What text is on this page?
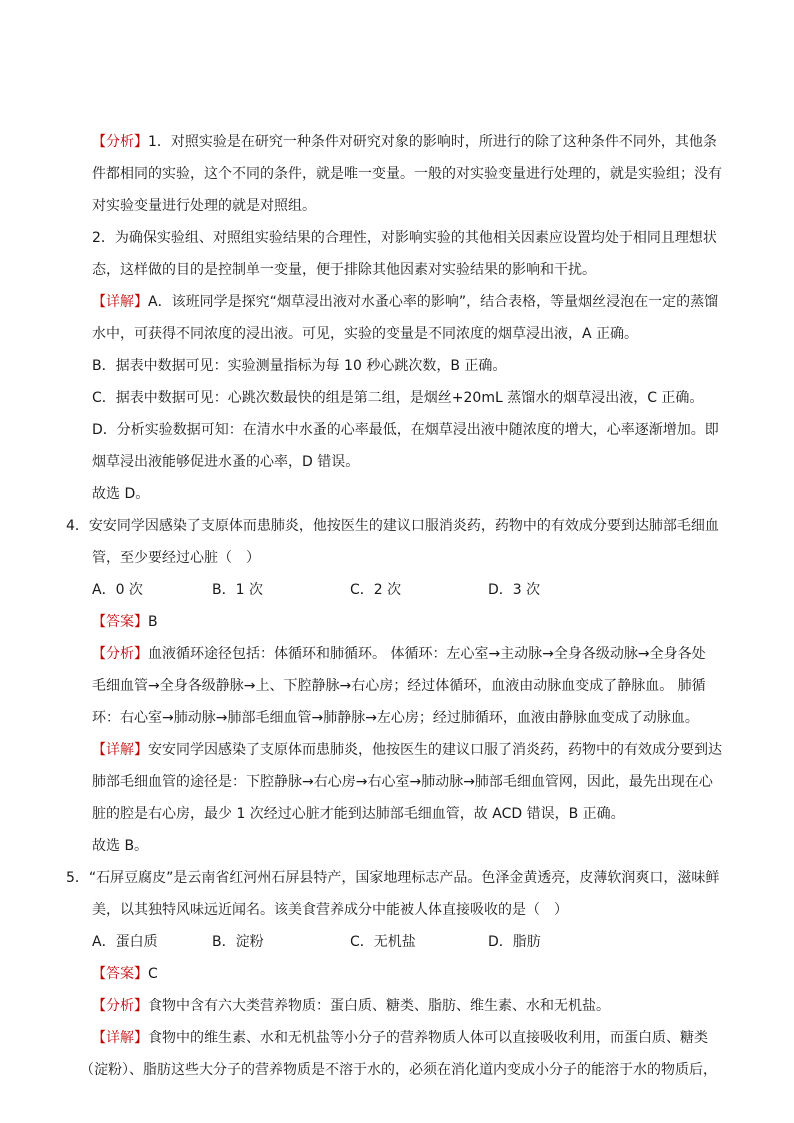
【分析】1．对照实验是在研究一种条件对研究对象的影响时，所进行的除了这种条件不同外，其他条
件都相同的实验，这个不同的条件，就是唯一变量。一般的对实验变量进行处理的，就是实验组；没有
对实验变量进行处理的就是对照组。
2．为确保实验组、对照组实验结果的合理性，对影响实验的其他相关因素应设置均处于相同且理想状
态，这样做的目的是控制单一变量，便于排除其他因素对实验结果的影响和干扰。
【详解】A．该班同学是探究“烟草浸出液对水蚤心率的影响”，结合表格，等量烟丝浸泡在一定的蒸馏
水中，可获得不同浓度的浸出液。可见，实验的变量是不同浓度的烟草浸出液，A 正确。
B．据表中数据可见：实验测量指标为每 10 秒心跳次数，B 正确。
C．据表中数据可见：心跳次数最快的组是第二组，是烟丝+20mL 蒸馏水的烟草浸出液，C 正确。
D．分析实验数据可知：在清水中水蚤的心率最低，在烟草浸出液中随浓度的增大，心率逐渐增加。即
烟草浸出液能够促进水蚤的心率，D 错误。
故选 D。
4．安安同学因感染了支原体而患肺炎，他按医生的建议口服消炎药，药物中的有效成分要到达肺部毛细血
管，至少要经过心脏（　）
A．0 次	B．1 次	C．2 次	D．3 次
【答案】B
【分析】血液循环途径包括：体循环和肺循环。 体循环：左心室→主动脉→全身各级动脉→全身各处
毛细血管→全身各级静脉→上、下腔静脉→右心房；经过体循环，血液由动脉血变成了静脉血。 肺循
环：右心室→肺动脉→肺部毛细血管→肺静脉→左心房；经过肺循环，血液由静脉血变成了动脉血。
【详解】安安同学因感染了支原体而患肺炎，他按医生的建议口服了消炎药，药物中的有效成分要到达
肺部毛细血管的途径是：下腔静脉→右心房→右心室→肺动脉→肺部毛细血管网，因此，最先出现在心
脏的腔是右心房，最少 1 次经过心脏才能到达肺部毛细血管，故 ACD 错误，B 正确。
故选 B。
5．“石屏豆腐皮”是云南省红河州石屏县特产，国家地理标志产品。色泽金黄透亮，皮薄软润爽口，滋味鲜
美，以其独特风味远近闻名。该美食营养成分中能被人体直接吸收的是（　）
A．蛋白质	B．淀粉	C．无机盐	D．脂肪
【答案】C
【分析】食物中含有六大类营养物质：蛋白质、糖类、脂肪、维生素、水和无机盐。
【详解】食物中的维生素、水和无机盐等小分子的营养物质人体可以直接吸收利用，而蛋白质、糖类
（淀粉）、脂肪这些大分子的营养物质是不溶于水的，必须在消化道内变成小分子的能溶于水的物质后，
